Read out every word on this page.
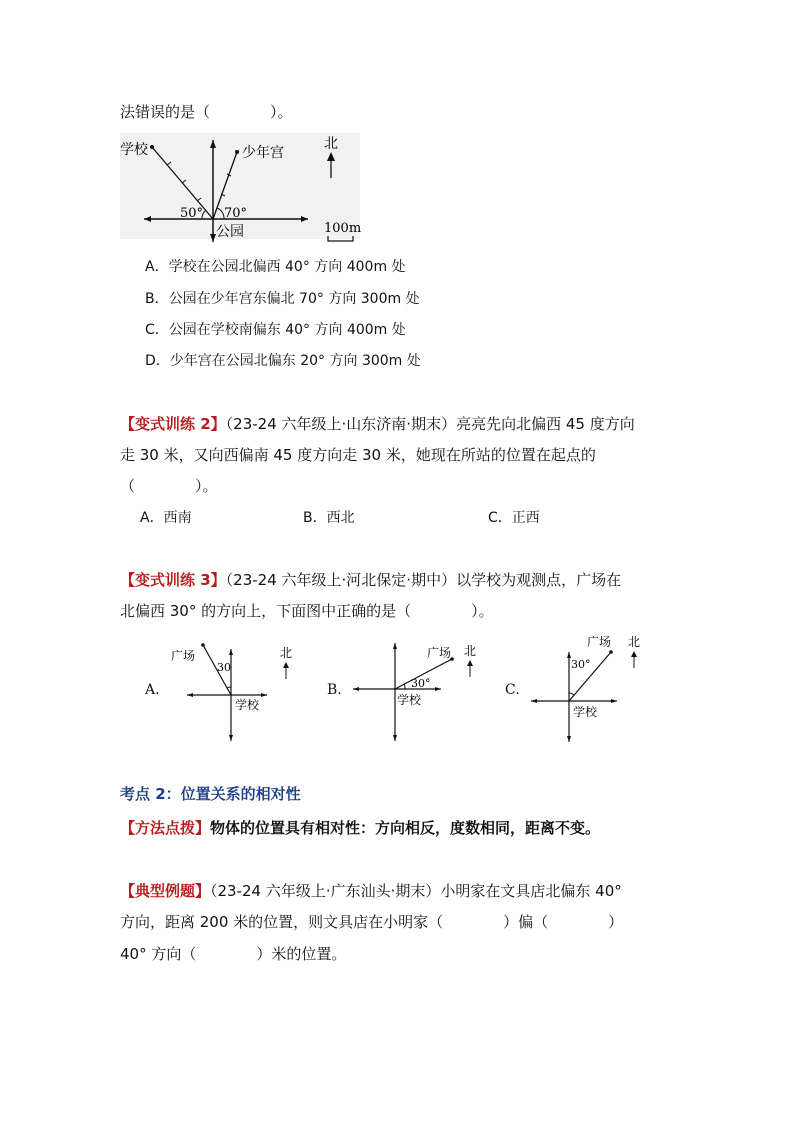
法错误的是（　　　　）。
学校	少年宫
50° 70°
公园
北
100m
A．学校在公园北偏西 40° 方向 400m 处
B．公园在少年宫东偏北 70° 方向 300m 处
C．公园在学校南偏东 40° 方向 400m 处
D．少年宫在公园北偏东 20° 方向 300m 处
【变式训练 2】（23-24 六年级上·山东济南·期末）亮亮先向北偏西 45 度方向
走 30 米，又向西偏南 45 度方向走 30 米，她现在所站的位置在起点的
（　　　　）。
A．西南	B．西北	C．正西
【变式训练 3】（23-24 六年级上·河北保定·期中）以学校为观测点，广场在
北偏西 30° 的方向上，下面图中正确的是（　　　　）。
A.
广场
30
学校
北
B.
广场
30°
学校
北
C.
广场
30°
学校
北
考点 2：位置关系的相对性
【方法点拨】物体的位置具有相对性：方向相反，度数相同，距离不变。
【典型例题】（23-24 六年级上·广东汕头·期末）小明家在文具店北偏东 40°
方向，距离 200 米的位置，则文具店在小明家（　　　　）偏（　　　　）
40° 方向（　　　　）米的位置。
